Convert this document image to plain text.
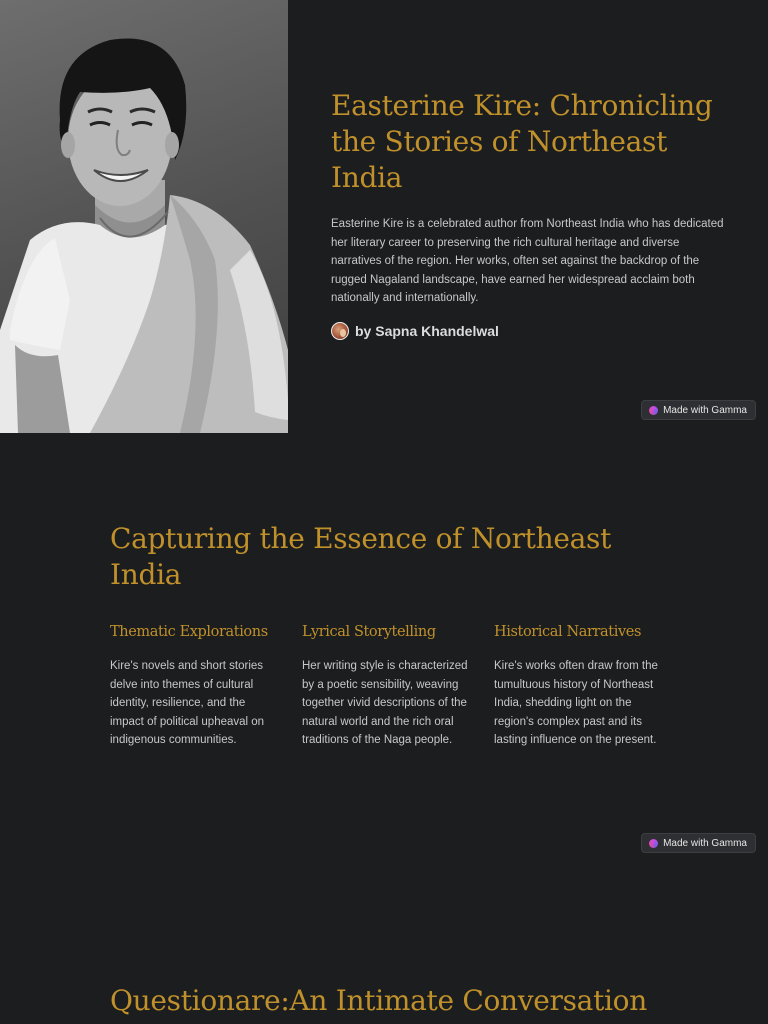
Easterine Kire: Chronicling the Stories of Northeast India

Easterine Kire is a celebrated author from Northeast India who has dedicated her literary career to preserving the rich cultural heritage and diverse narratives of the region. Her works, often set against the backdrop of the rugged Nagaland landscape, have earned her widespread acclaim both nationally and internationally.

by Sapna Khandelwal
Made with Gamma
Capturing the Essence of Northeast India
Thematic Explorations

Kire's novels and short stories delve into themes of cultural identity, resilience, and the impact of political upheaval on indigenous communities.

Lyrical Storytelling

Her writing style is characterized by a poetic sensibility, weaving together vivid descriptions of the natural world and the rich oral traditions of the Naga people.

Historical Narratives

Kire's works often draw from the tumultuous history of Northeast India, shedding light on the region's complex past and its lasting influence on the present.

Made with Gamma
Questionare:An Intimate Conversation
